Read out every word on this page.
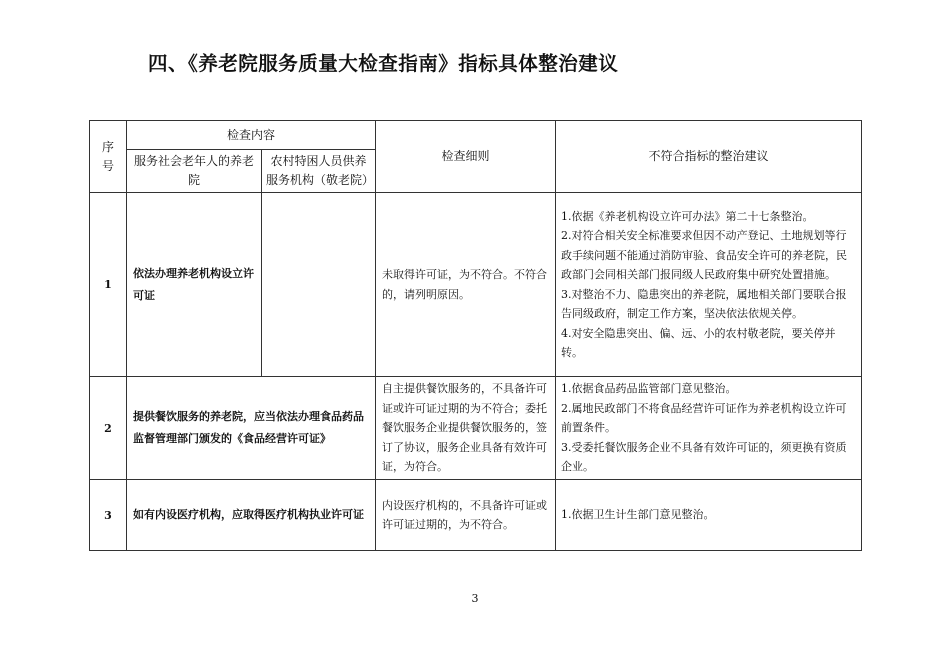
四、《养老院服务质量大检查指南》指标具体整治建议
序
号	检查内容		检查细则	不符合指标的整治建议
	服务社会老年人的养老院	农村特困人员供养服务机构（敬老院）		
1	依法办理养老机构设立许可证		未取得许可证，为不符合。不符合的，请列明原因。	1.依据《养老机构设立许可办法》第二十七条整治。
2.对符合相关安全标准要求但因不动产登记、土地规划等行政手续问题不能通过消防审验、食品安全许可的养老院，民政部门会同相关部门报同级人民政府集中研究处置措施。
3.对整治不力、隐患突出的养老院，属地相关部门要联合报告同级政府，制定工作方案，坚决依法依规关停。
4.对安全隐患突出、偏、远、小的农村敬老院，要关停并转。

2	提供餐饮服务的养老院，应当依法办理食品药品监督管理部门颁发的《食品经营许可证》		自主提供餐饮服务的，不具备许可证或许可证过期的为不符合；委托餐饮服务企业提供餐饮服务的，签订了协议，服务企业具备有效许可证，为符合。	1.依据食品药品监管部门意见整治。
2.属地民政部门不将食品经营许可证作为养老机构设立许可前置条件。
3.受委托餐饮服务企业不具备有效许可证的，须更换有资质企业。

3	如有内设医疗机构，应取得医疗机构执业许可证		内设医疗机构的，不具备许可证或许可证过期的，为不符合。	1.依据卫生计生部门意见整治。
3
